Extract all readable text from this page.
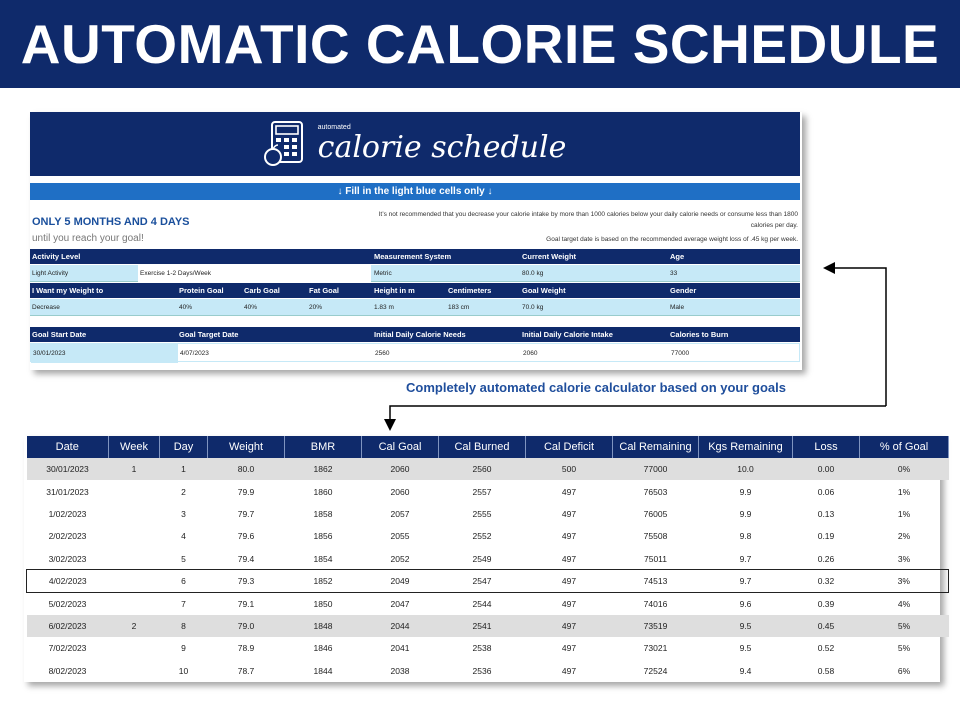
AUTOMATIC CALORIE SCHEDULE
automated
calorie schedule
↓ Fill in the light blue cells only ↓
ONLY 5 MONTHS AND 4 DAYS
until you reach your goal!
It’s not recommended that you decrease your calorie intake by more than 1000 calories below your daily calorie needs or consume less than 1800 calories per day.
Goal target date is based on the recommended average weight loss of .45 kg per week.
Activity Level	Measurement System	Current Weight	Age
Light Activity	Exercise 1-2 Days/Week	Metric	80.0 kg	33
I Want my Weight to	Protein Goal	Carb Goal	Fat Goal	Height in m	Centimeters	Goal Weight	Gender
Decrease	40%	40%	20%	1.83 m	183 cm	70.0 kg	Male
Goal Start Date	Goal Target Date	Initial Daily Calorie Needs	Initial Daily Calorie Intake	Calories to Burn
30/01/2023	4/07/2023	2560	2060	77000
Completely automated calorie calculator based on your goals
Date	Week	Day	Weight	BMR	Cal Goal	Cal Burned	Cal Deficit	Cal Remaining	Kgs Remaining	Loss	% of Goal
30/01/2023	1	1	80.0	1862	2060	2560	500	77000	10.0	0.00	0%
31/01/2023		2	79.9	1860	2060	2557	497	76503	9.9	0.06	1%
1/02/2023		3	79.7	1858	2057	2555	497	76005	9.9	0.13	1%
2/02/2023		4	79.6	1856	2055	2552	497	75508	9.8	0.19	2%
3/02/2023		5	79.4	1854	2052	2549	497	75011	9.7	0.26	3%
4/02/2023		6	79.3	1852	2049	2547	497	74513	9.7	0.32	3%
5/02/2023		7	79.1	1850	2047	2544	497	74016	9.6	0.39	4%
6/02/2023	2	8	79.0	1848	2044	2541	497	73519	9.5	0.45	5%
7/02/2023		9	78.9	1846	2041	2538	497	73021	9.5	0.52	5%
8/02/2023		10	78.7	1844	2038	2536	497	72524	9.4	0.58	6%
